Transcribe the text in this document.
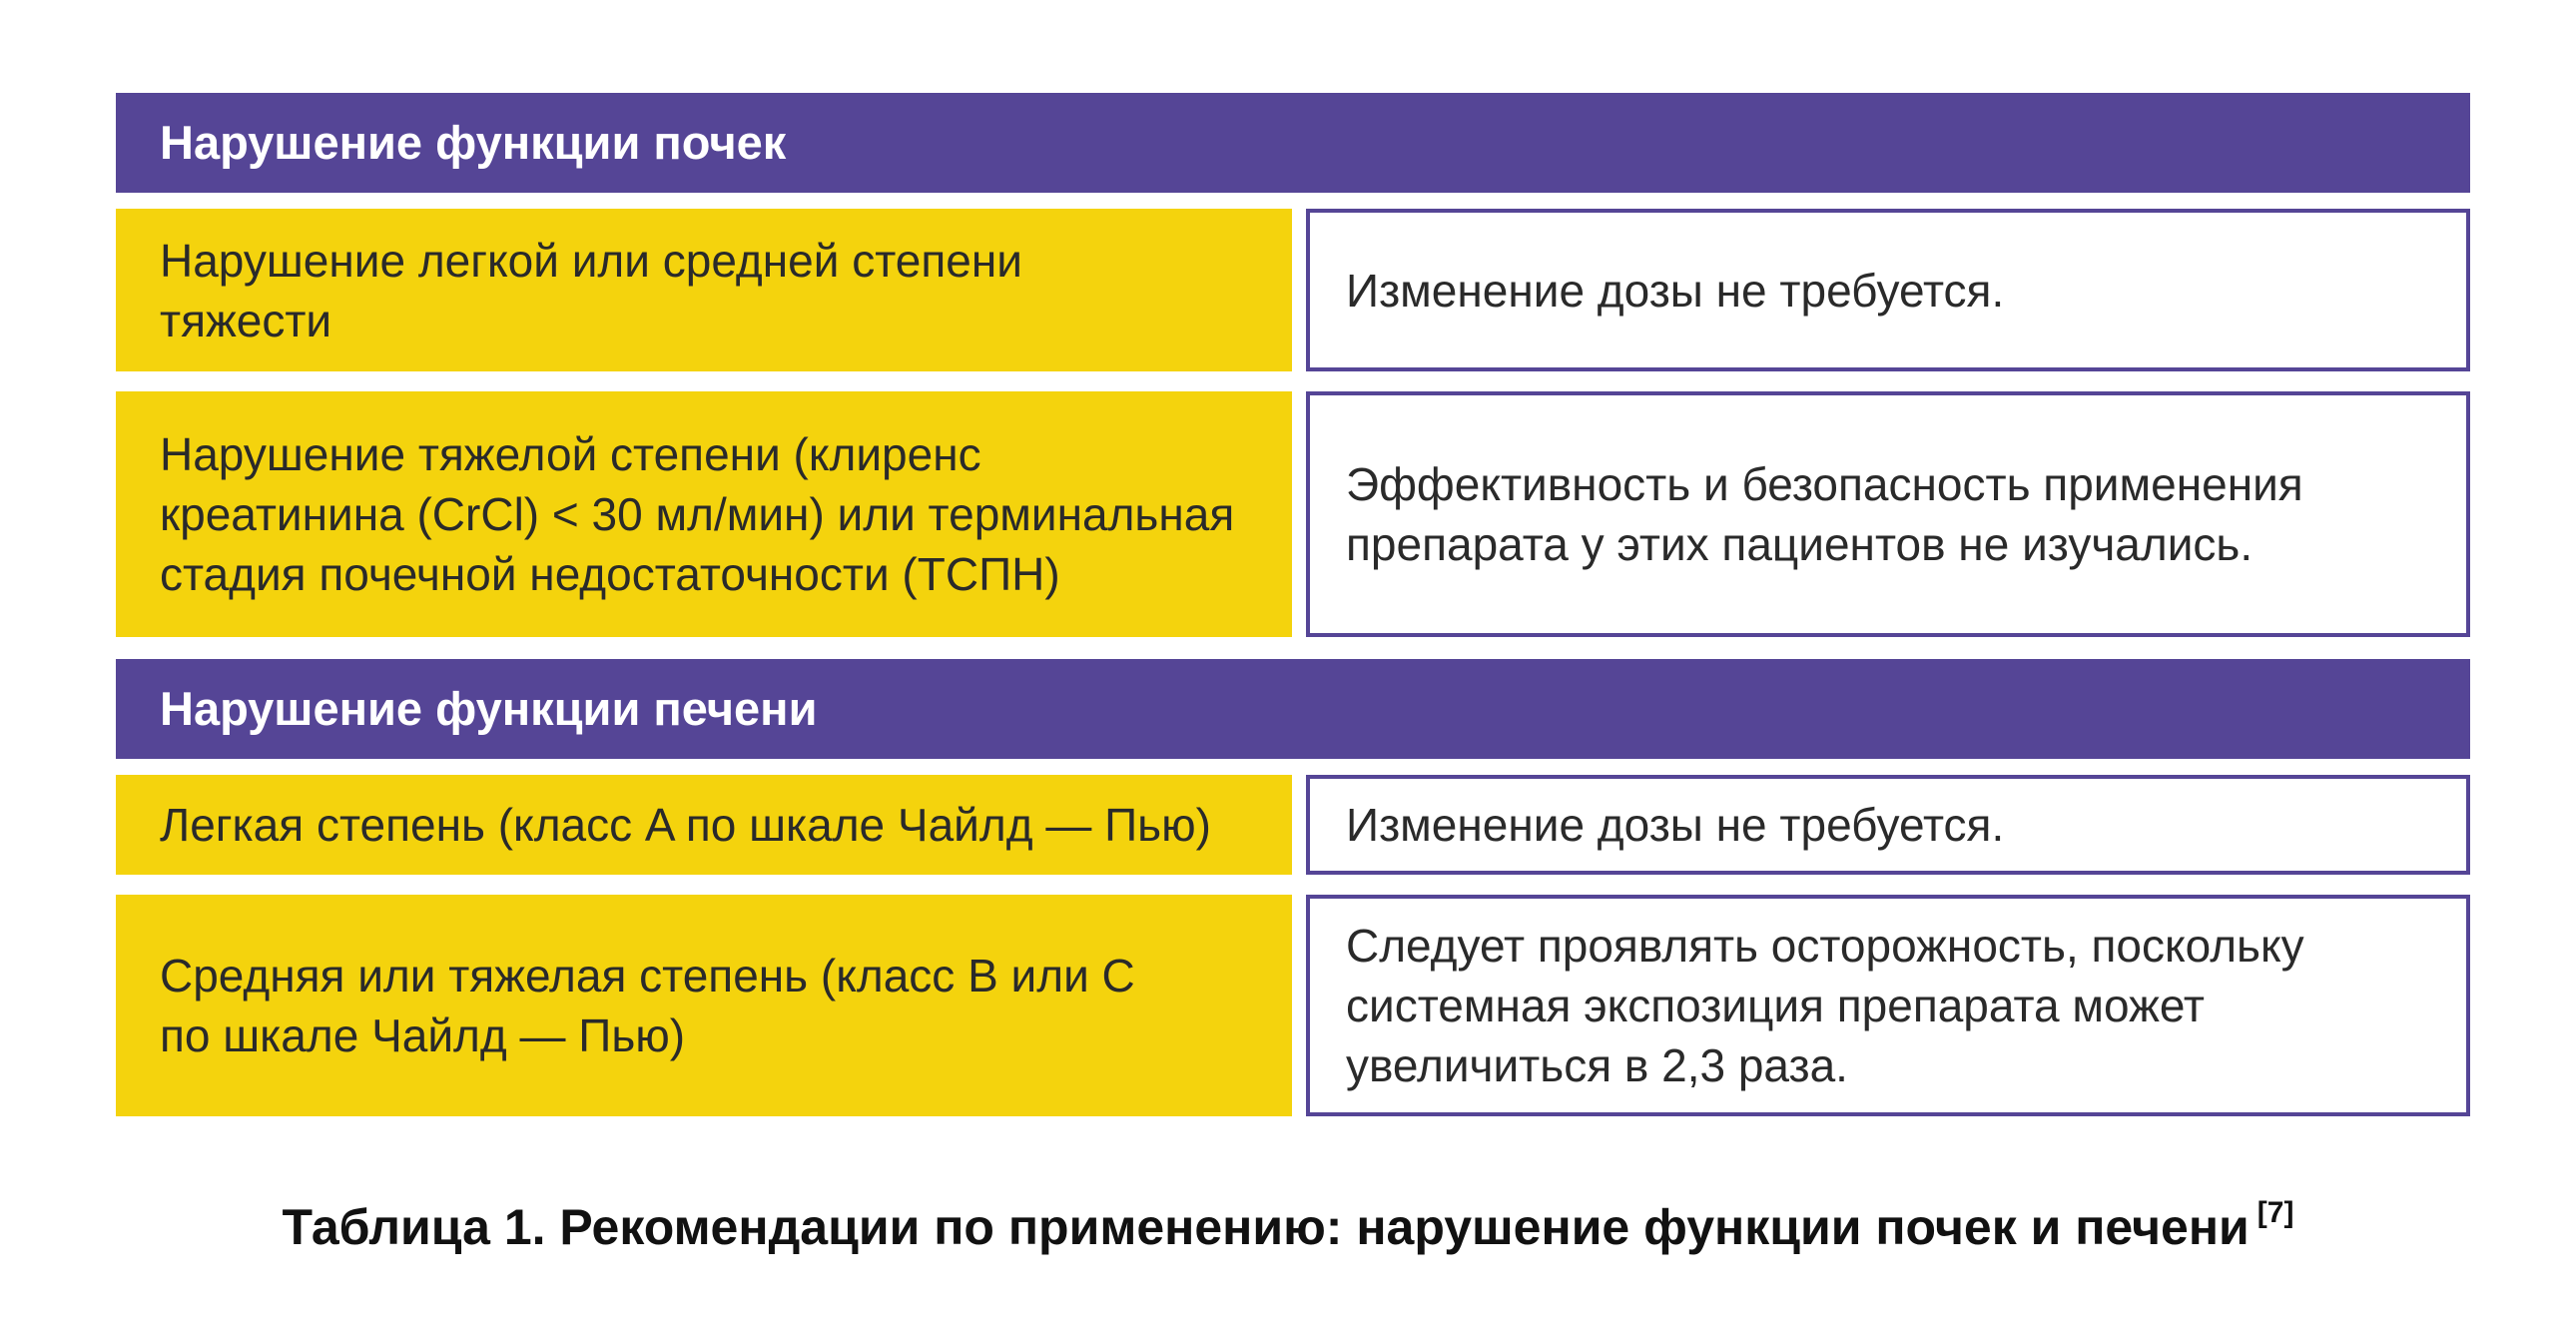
Нарушение функции почек
Нарушение легкой или средней степени
тяжести
Изменение дозы не требуется.
Нарушение тяжелой степени (клиренс
креатинина (CrCl) < 30 мл/мин) или терминальная
стадия почечной недостаточности (ТСПН)
Эффективность и безопасность применения
препарата у этих пациентов не изучались.
Нарушение функции печени
Легкая степень (класс A по шкале Чайлд — Пью)	Изменение дозы не требуется.
Средняя или тяжелая степень (класс B или C
по шкале Чайлд — Пью)
Следует проявлять осторожность, поскольку
системная экспозиция препарата может
увеличиться в 2,3 раза.
Таблица 1. Рекомендации по применению: нарушение функции почек и печени [7]
